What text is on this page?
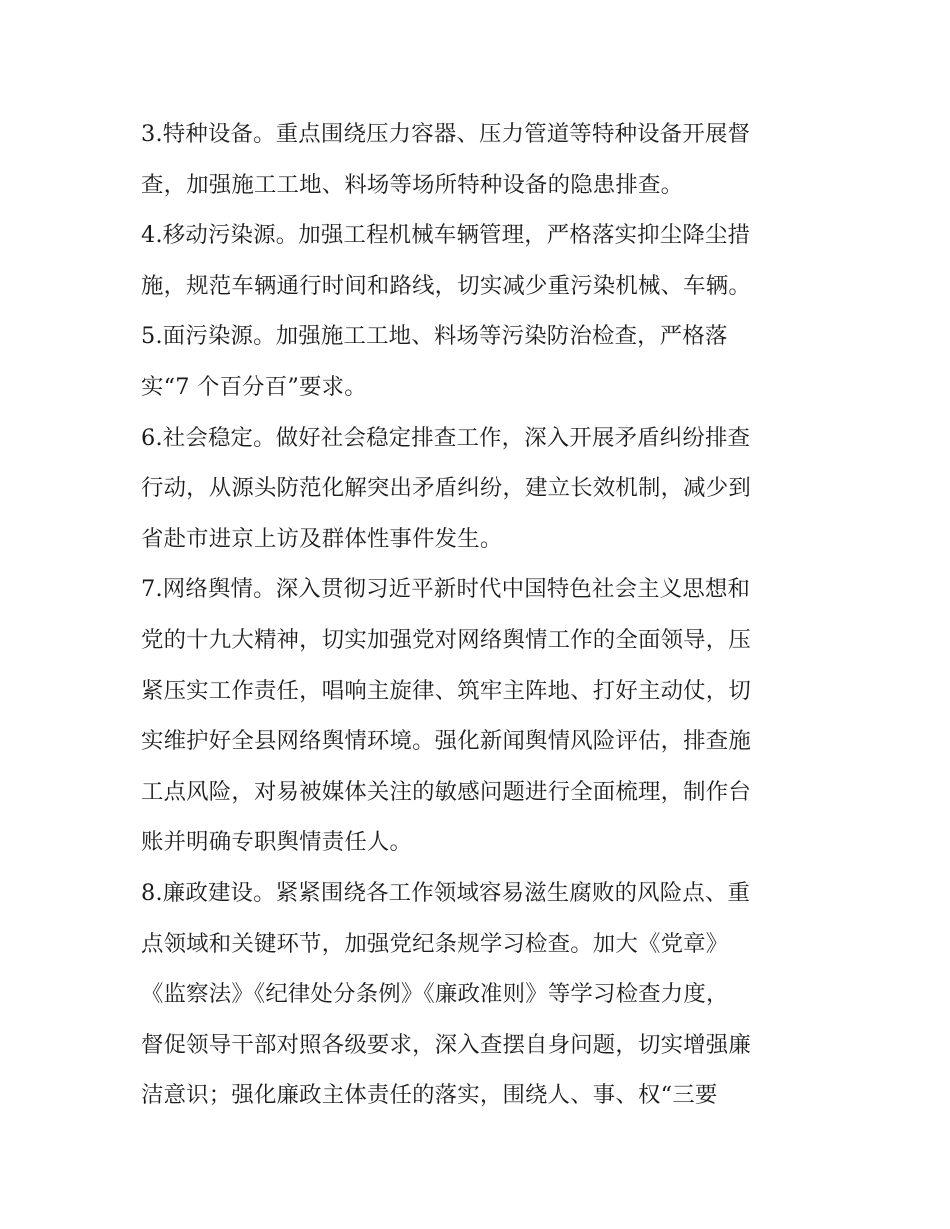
3.特种设备。重点围绕压力容器、压力管道等特种设备开展督
查，加强施工工地、料场等场所特种设备的隐患排查。
4.移动污染源。加强工程机械车辆管理，严格落实抑尘降尘措
施，规范车辆通行时间和路线，切实减少重污染机械、车辆。
5.面污染源。加强施工工地、料场等污染防治检查，严格落
实“7 个百分百”要求。
6.社会稳定。做好社会稳定排查工作，深入开展矛盾纠纷排查
行动，从源头防范化解突出矛盾纠纷，建立长效机制，减少到
省赴市进京上访及群体性事件发生。
7.网络舆情。深入贯彻习近平新时代中国特色社会主义思想和
党的十九大精神，切实加强党对网络舆情工作的全面领导，压
紧压实工作责任，唱响主旋律、筑牢主阵地、打好主动仗，切
实维护好全县网络舆情环境。强化新闻舆情风险评估，排查施
工点风险，对易被媒体关注的敏感问题进行全面梳理，制作台
账并明确专职舆情责任人。
8.廉政建设。紧紧围绕各工作领域容易滋生腐败的风险点、重
点领域和关键环节，加强党纪条规学习检查。加大《党章》
《监察法》《纪律处分条例》《廉政准则》等学习检查力度，
督促领导干部对照各级要求，深入查摆自身问题，切实增强廉
洁意识；强化廉政主体责任的落实，围绕人、事、权“三要
